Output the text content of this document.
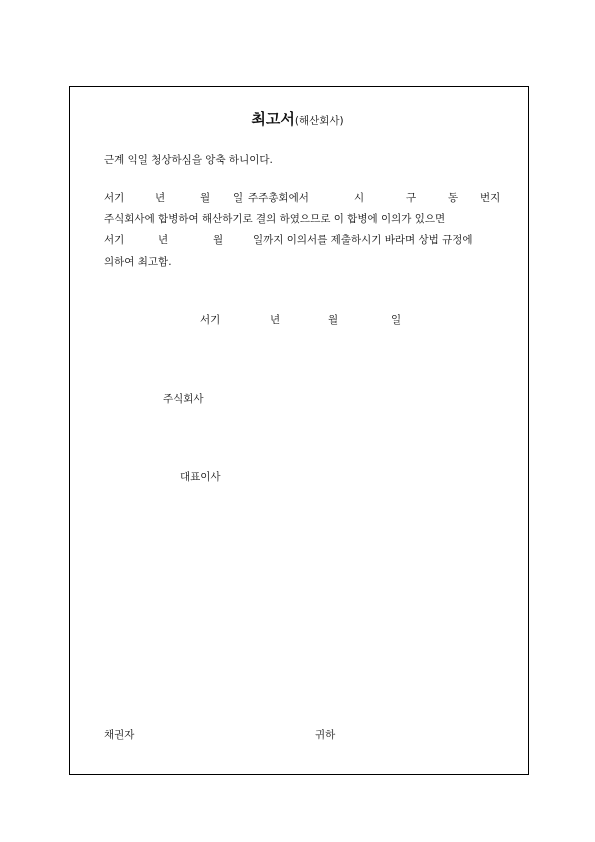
최고서(해산회사)
근계 익일 청상하심을 앙축 하니이다.
서기	년	월 일 주주총회에서	시	구	동 번지
주식회사에 합병하여 해산하기로 결의 하였으므로 이 합병에 이의가 있으면
서기	년	월	일까지 이의서를 제출하시기 바라며 상법 규정에
의하여 최고함.
서기	년	월	일
주식회사
대표이사
채권자	귀하
